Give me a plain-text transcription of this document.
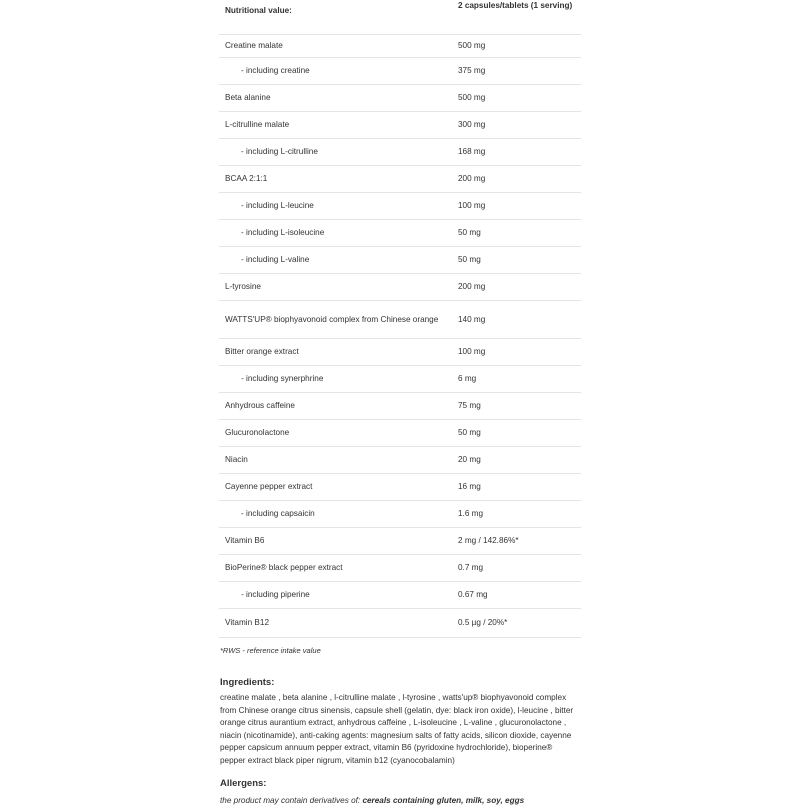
Nutritional value:	2 capsules/tablets (1 serving)
Creatine malate	500 mg
- including creatine	375 mg
Beta alanine	500 mg
L-citrulline malate	300 mg
- including L-citrulline	168 mg
BCAA 2:1:1	200 mg
- including L-leucine	100 mg
- including L-isoleucine	50 mg
- including L-valine	50 mg
L-tyrosine	200 mg
WATTS'UP® biophyavonoid complex from Chinese orange	140 mg
Bitter orange extract	100 mg
- including synerphrine	6 mg
Anhydrous caffeine	75 mg
Glucuronolactone	50 mg
Niacin	20 mg
Cayenne pepper extract	16 mg
- including capsaicin	1.6 mg
Vitamin B6	2 mg / 142.86%*
BioPerine® black pepper extract	0.7 mg
- including piperine	0.67 mg
Vitamin B12	0.5 µg / 20%*

*RWS - reference intake value

Ingredients:

creatine malate , beta alanine , l-citrulline malate , l-tyrosine , watts'up® biophyavonoid complex from Chinese orange citrus sinensis, capsule shell (gelatin, dye: black iron oxide), l-leucine , bitter orange citrus aurantium extract, anhydrous caffeine , L-isoleucine , L-valine , glucuronolactone , niacin (nicotinamide), anti-caking agents: magnesium salts of fatty acids, silicon dioxide, cayenne pepper capsicum annuum pepper extract, vitamin B6 (pyridoxine hydrochloride), bioperine® pepper extract black piper nigrum, vitamin b12 (cyanocobalamin)

Allergens:

the product may contain derivatives of: cereals containing gluten, milk, soy, eggs
